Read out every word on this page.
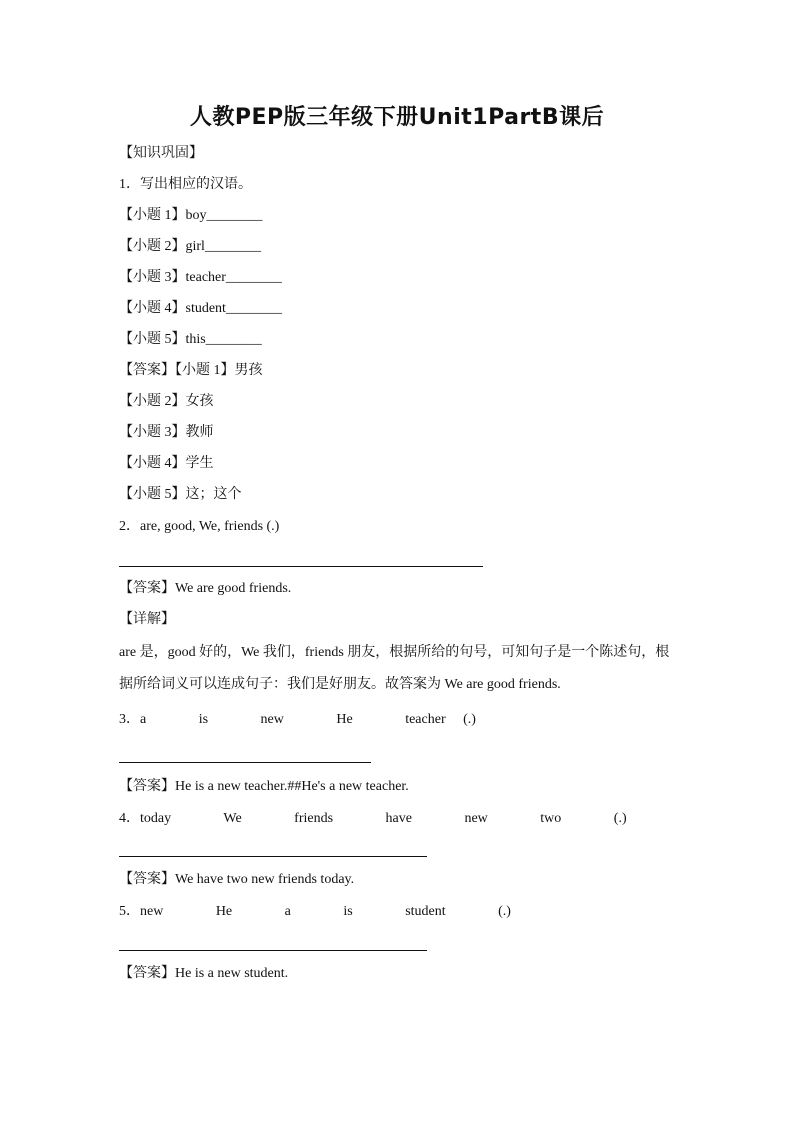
人教PEP版三年级下册Unit1PartB课后
【知识巩固】
1．写出相应的汉语。
【小题 1】boy________
【小题 2】girl________
【小题 3】teacher________
【小题 4】student________
【小题 5】this________
【答案】【小题 1】男孩
【小题 2】女孩
【小题 3】教师
【小题 4】学生
【小题 5】这；这个
2．are, good, We, friends (.)
【答案】We are good friends.
【详解】
are 是，good 好的，We 我们，friends 朋友，根据所给的句号，可知句子是一个陈述句，根据所给词义可以连成句子：我们是好朋友。故答案为 We are good friends.
3．a   is   new   He   teacher (.)
【答案】He is a new teacher.##He's a new teacher.
4．today   We   friends   have   new   two   (.)
【答案】We have two new friends today.
5．new   He   a   is   student   (.)
【答案】He is a new student.
